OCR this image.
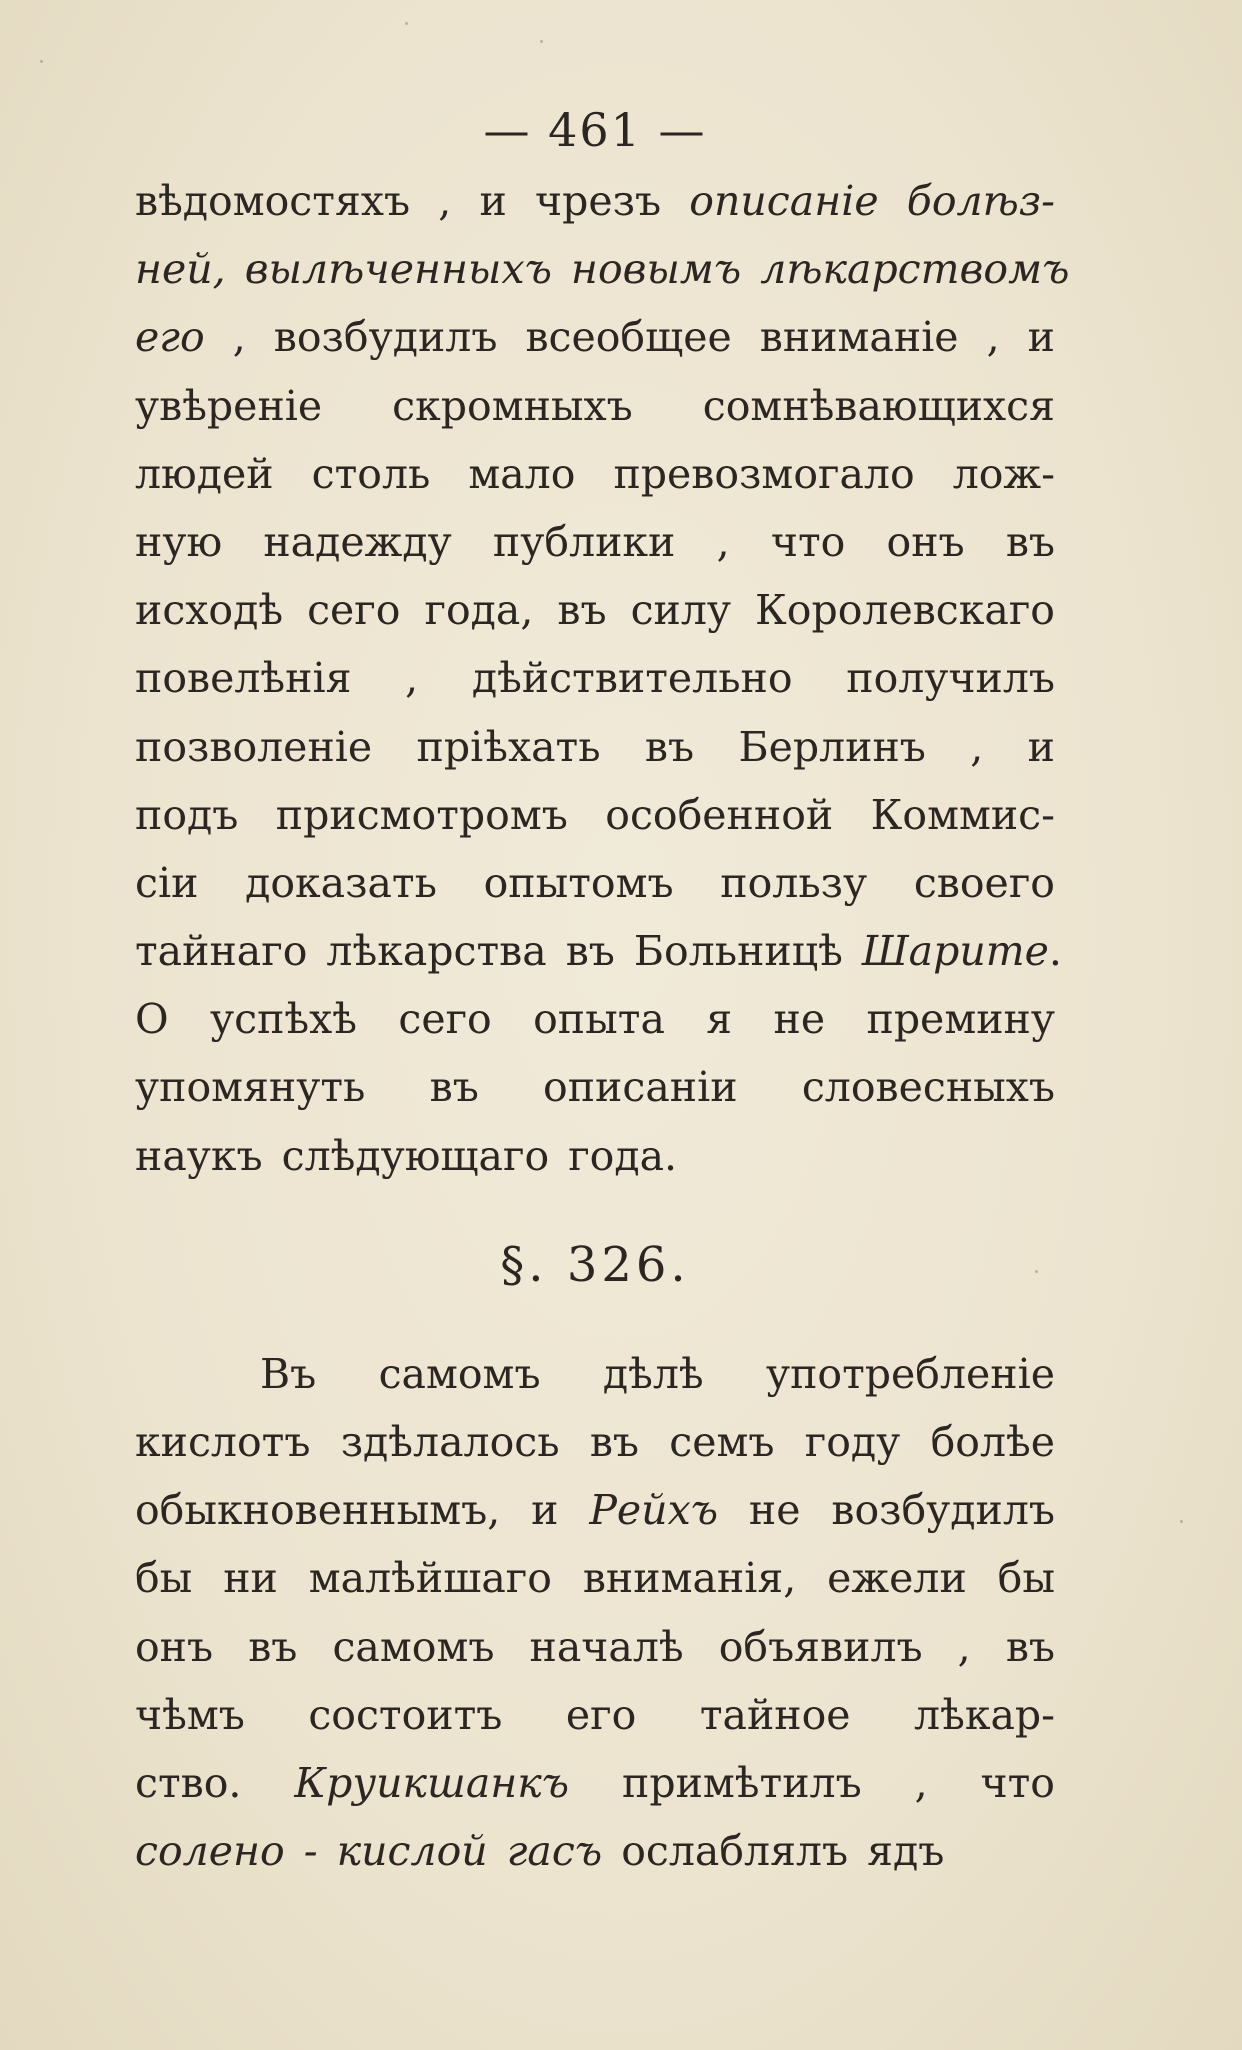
— 461 —
вѣдомостяхъ , и чрезъ описаніе болѣз-
ней, вылѣченныхъ новымъ лѣкарствомъ
его , возбудилъ всеобщее вниманіе , и
увѣреніе скромныхъ сомнѣвающихся
людей столь мало превозмогало лож-
ную надежду публики , что онъ въ
исходѣ сего года, въ силу Королевскаго
повелѣнія , дѣйствительно получилъ
позволеніе пріѣхать въ Берлинъ , и
подъ присмотромъ особенной Коммис-
сіи доказать опытомъ пользу своего
тайнаго лѣкарства въ Больницѣ Шарите.
О успѣхѣ сего опыта я не премину
упомянуть въ описаніи словесныхъ
наукъ слѣдующаго года.
§. 326.
Въ самомъ дѣлѣ употребленіе
кислотъ здѣлалось въ семъ году болѣе
обыкновеннымъ, и Рейхъ не возбудилъ
бы ни малѣйшаго вниманія, ежели бы
онъ въ самомъ началѣ объявилъ , въ
чѣмъ состоитъ его тайное лѣкар-
ство. Круикшанкъ примѣтилъ , что
солено - кислой гасъ ослаблялъ ядъ
